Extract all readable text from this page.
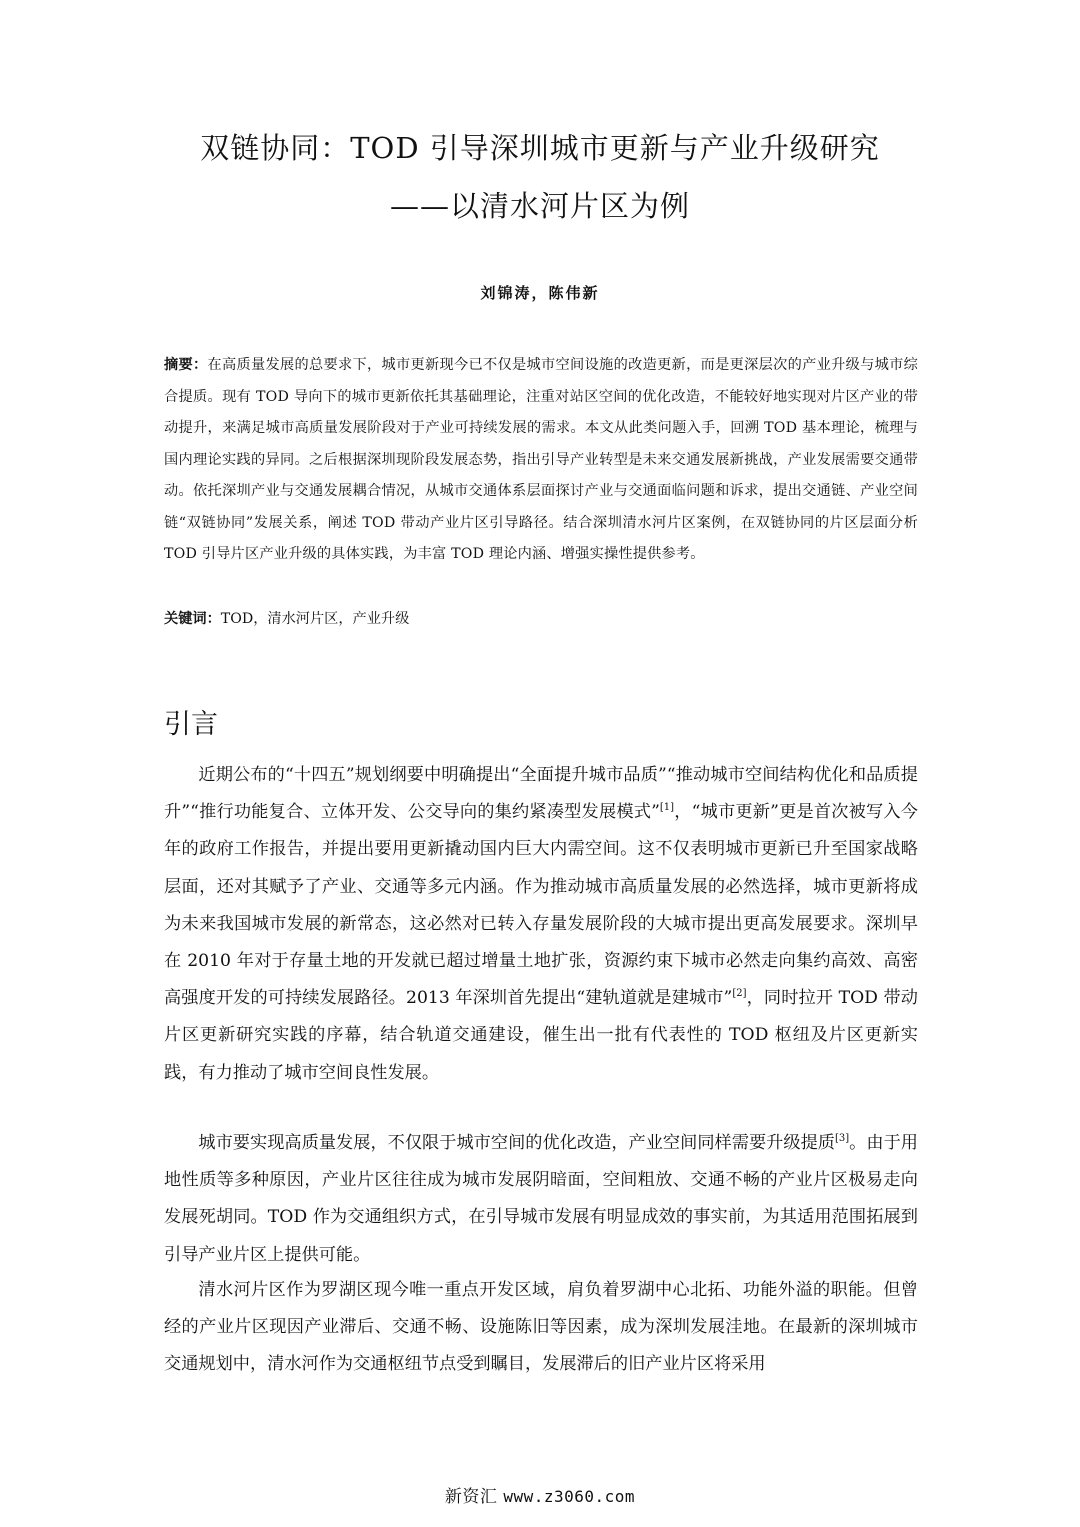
双链协同：TOD 引导深圳城市更新与产业升级研究
——以清水河片区为例
刘锦涛，陈伟新
摘要：在高质量发展的总要求下，城市更新现今已不仅是城市空间设施的改造更新，而是更深层次的产业升级与城市综合提质。现有 TOD 导向下的城市更新依托其基础理论，注重对站区空间的优化改造，不能较好地实现对片区产业的带动提升，来满足城市高质量发展阶段对于产业可持续发展的需求。本文从此类问题入手，回溯 TOD 基本理论，梳理与国内理论实践的异同。之后根据深圳现阶段发展态势，指出引导产业转型是未来交通发展新挑战，产业发展需要交通带动。依托深圳产业与交通发展耦合情况，从城市交通体系层面探讨产业与交通面临问题和诉求，提出交通链、产业空间链“双链协同”发展关系，阐述 TOD 带动产业片区引导路径。结合深圳清水河片区案例，在双链协同的片区层面分析 TOD 引导片区产业升级的具体实践，为丰富 TOD 理论内涵、增强实操性提供参考。
关键词：TOD，清水河片区，产业升级
引言

近期公布的“十四五”规划纲要中明确提出“全面提升城市品质”“推动城市空间结构优化和品质提升”“推行功能复合、立体开发、公交导向的集约紧凑型发展模式”[1]，“城市更新”更是首次被写入今年的政府工作报告，并提出要用更新撬动国内巨大内需空间。这不仅表明城市更新已升至国家战略层面，还对其赋予了产业、交通等多元内涵。作为推动城市高质量发展的必然选择，城市更新将成为未来我国城市发展的新常态，这必然对已转入存量发展阶段的大城市提出更高发展要求。深圳早在 2010 年对于存量土地的开发就已超过增量土地扩张，资源约束下城市必然走向集约高效、高密高强度开发的可持续发展路径。2013 年深圳首先提出“建轨道就是建城市”[2]，同时拉开 TOD 带动片区更新研究实践的序幕，结合轨道交通建设，催生出一批有代表性的 TOD 枢纽及片区更新实践，有力推动了城市空间良性发展。

城市要实现高质量发展，不仅限于城市空间的优化改造，产业空间同样需要升级提质[3]。由于用地性质等多种原因，产业片区往往成为城市发展阴暗面，空间粗放、交通不畅的产业片区极易走向发展死胡同。TOD 作为交通组织方式，在引导城市发展有明显成效的事实前，为其适用范围拓展到引导产业片区上提供可能。

清水河片区作为罗湖区现今唯一重点开发区域，肩负着罗湖中心北拓、功能外溢的职能。但曾经的产业片区现因产业滞后、交通不畅、设施陈旧等因素，成为深圳发展洼地。在最新的深圳城市交通规划中，清水河作为交通枢纽节点受到瞩目，发展滞后的旧产业片区将采用

新资汇 www.z3060.com
